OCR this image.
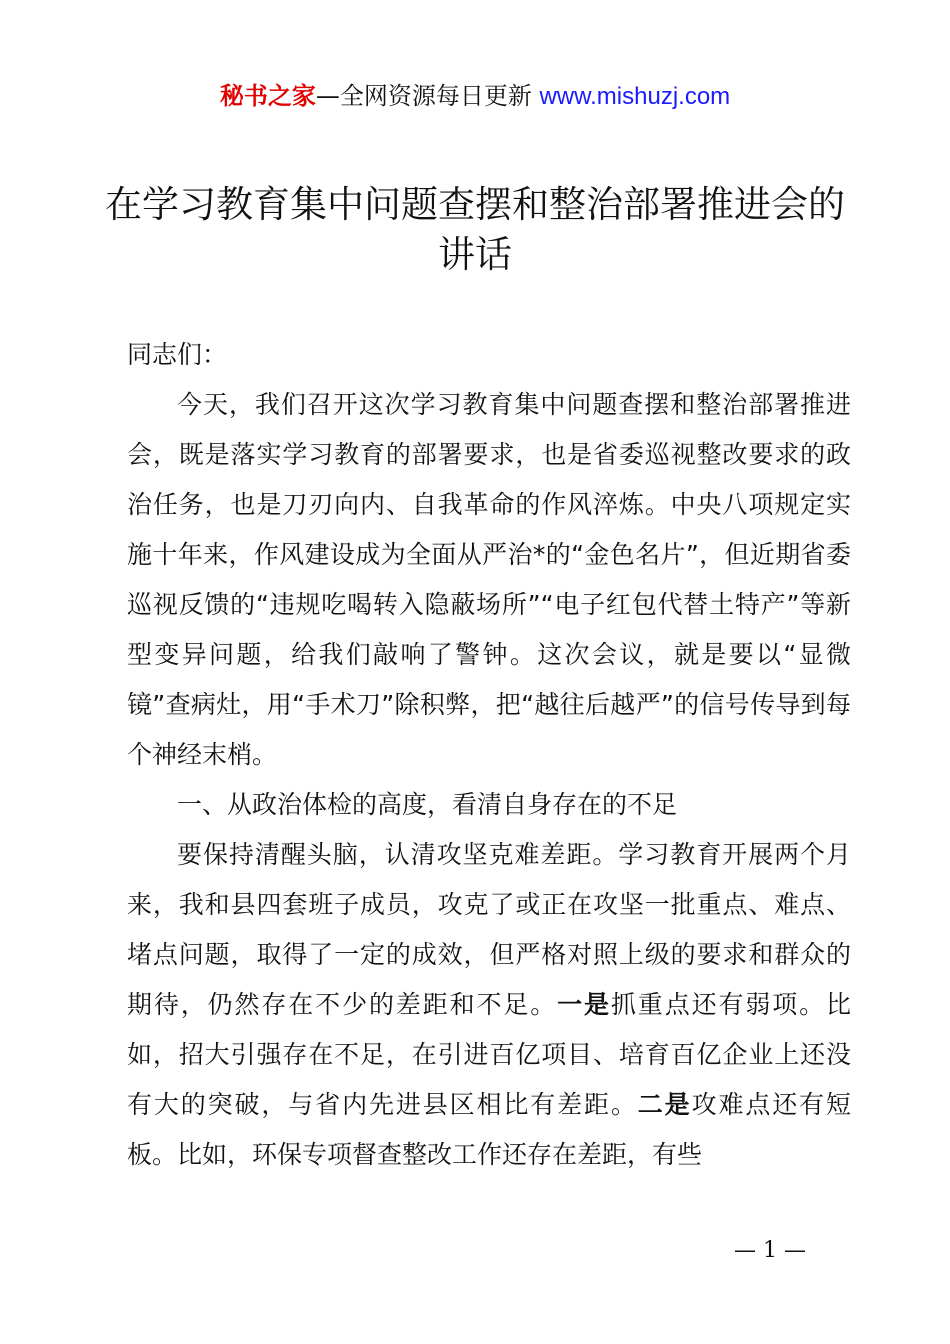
秘书之家—全网资源每日更新 www.mishuzj.com
在学习教育集中问题查摆和整治部署推进会的讲话

同志们：

今天，我们召开这次学习教育集中问题查摆和整治部署推进会，既是落实学习教育的部署要求，也是省委巡视整改要求的政治任务，也是刀刃向内、自我革命的作风淬炼。中央八项规定实施十年来，作风建设成为全面从严治*的“金色名片”，但近期省委巡视反馈的“违规吃喝转入隐蔽场所”“电子红包代替土特产”等新型变异问题，给我们敲响了警钟。这次会议，就是要以“显微镜”查病灶，用“手术刀”除积弊，把“越往后越严”的信号传导到每个神经末梢。

一、从政治体检的高度，看清自身存在的不足

要保持清醒头脑，认清攻坚克难差距。学习教育开展两个月来，我和县四套班子成员，攻克了或正在攻坚一批重点、难点、堵点问题，取得了一定的成效，但严格对照上级的要求和群众的期待，仍然存在不少的差距和不足。一是抓重点还有弱项。比如，招大引强存在不足，在引进百亿项目、培育百亿企业上还没有大的突破，与省内先进县区相比有差距。二是攻难点还有短板。比如，环保专项督查整改工作还存在差距，有些

— 1 —
